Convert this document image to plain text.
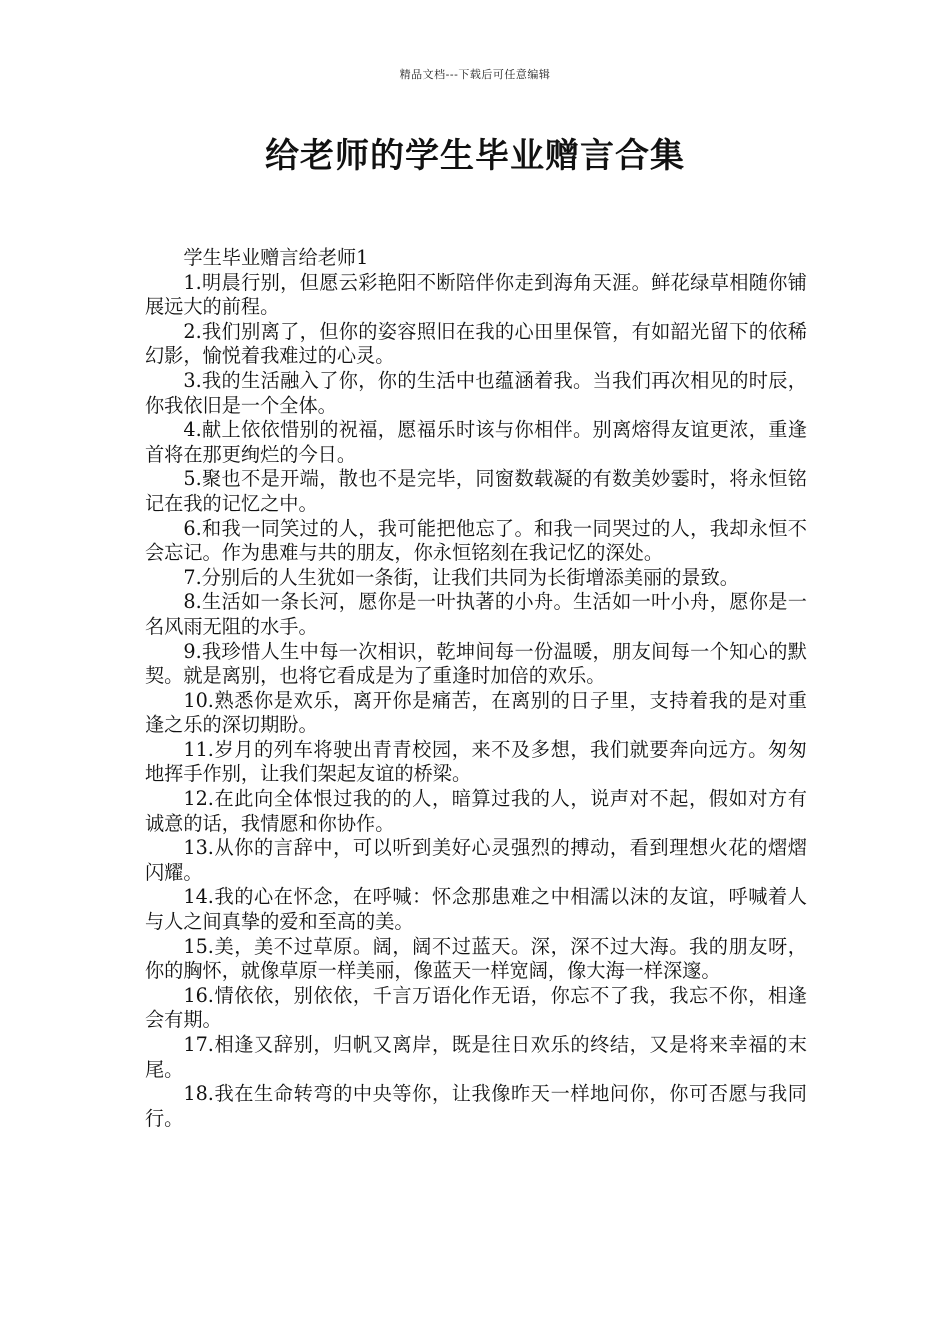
精品文档---下载后可任意编辑
给老师的学生毕业赠言合集

学生毕业赠言给老师1

1.明晨行别，但愿云彩艳阳不断陪伴你走到海角天涯。鲜花绿草相随你铺展远大的前程。

2.我们别离了，但你的姿容照旧在我的心田里保管，有如韶光留下的依稀幻影，愉悦着我难过的心灵。

3.我的生活融入了你，你的生活中也蕴涵着我。当我们再次相见的时辰，你我依旧是一个全体。

4.献上依依惜别的祝福，愿福乐时该与你相伴。别离熔得友谊更浓，重逢首将在那更绚烂的今日。

5.聚也不是开端，散也不是完毕，同窗数载凝的有数美妙霎时，将永恒铭记在我的记忆之中。

6.和我一同笑过的人，我可能把他忘了。和我一同哭过的人，我却永恒不会忘记。作为患难与共的朋友，你永恒铭刻在我记忆的深处。

7.分别后的人生犹如一条街，让我们共同为长街增添美丽的景致。

8.生活如一条长河，愿你是一叶执著的小舟。生活如一叶小舟，愿你是一名风雨无阻的水手。

9.我珍惜人生中每一次相识，乾坤间每一份温暖，朋友间每一个知心的默契。就是离别，也将它看成是为了重逢时加倍的欢乐。

10.熟悉你是欢乐，离开你是痛苦，在离别的日子里，支持着我的是对重逢之乐的深切期盼。

11.岁月的列车将驶出青青校园，来不及多想，我们就要奔向远方。匆匆地挥手作别，让我们架起友谊的桥梁。

12.在此向全体恨过我的的人，暗算过我的人，说声对不起，假如对方有诚意的话，我情愿和你协作。

13.从你的言辞中，可以听到美好心灵强烈的搏动，看到理想火花的熠熠闪耀。

14.我的心在怀念，在呼喊：怀念那患难之中相濡以沫的友谊，呼喊着人与人之间真挚的爱和至高的美。

15.美，美不过草原。阔，阔不过蓝天。深，深不过大海。我的朋友呀，你的胸怀，就像草原一样美丽，像蓝天一样宽阔，像大海一样深邃。

16.情依依，别依依，千言万语化作无语，你忘不了我，我忘不你，相逢会有期。

17.相逢又辞别，归帆又离岸，既是往日欢乐的终结，又是将来幸福的末尾。

18.我在生命转弯的中央等你，让我像昨天一样地问你，你可否愿与我同行。
